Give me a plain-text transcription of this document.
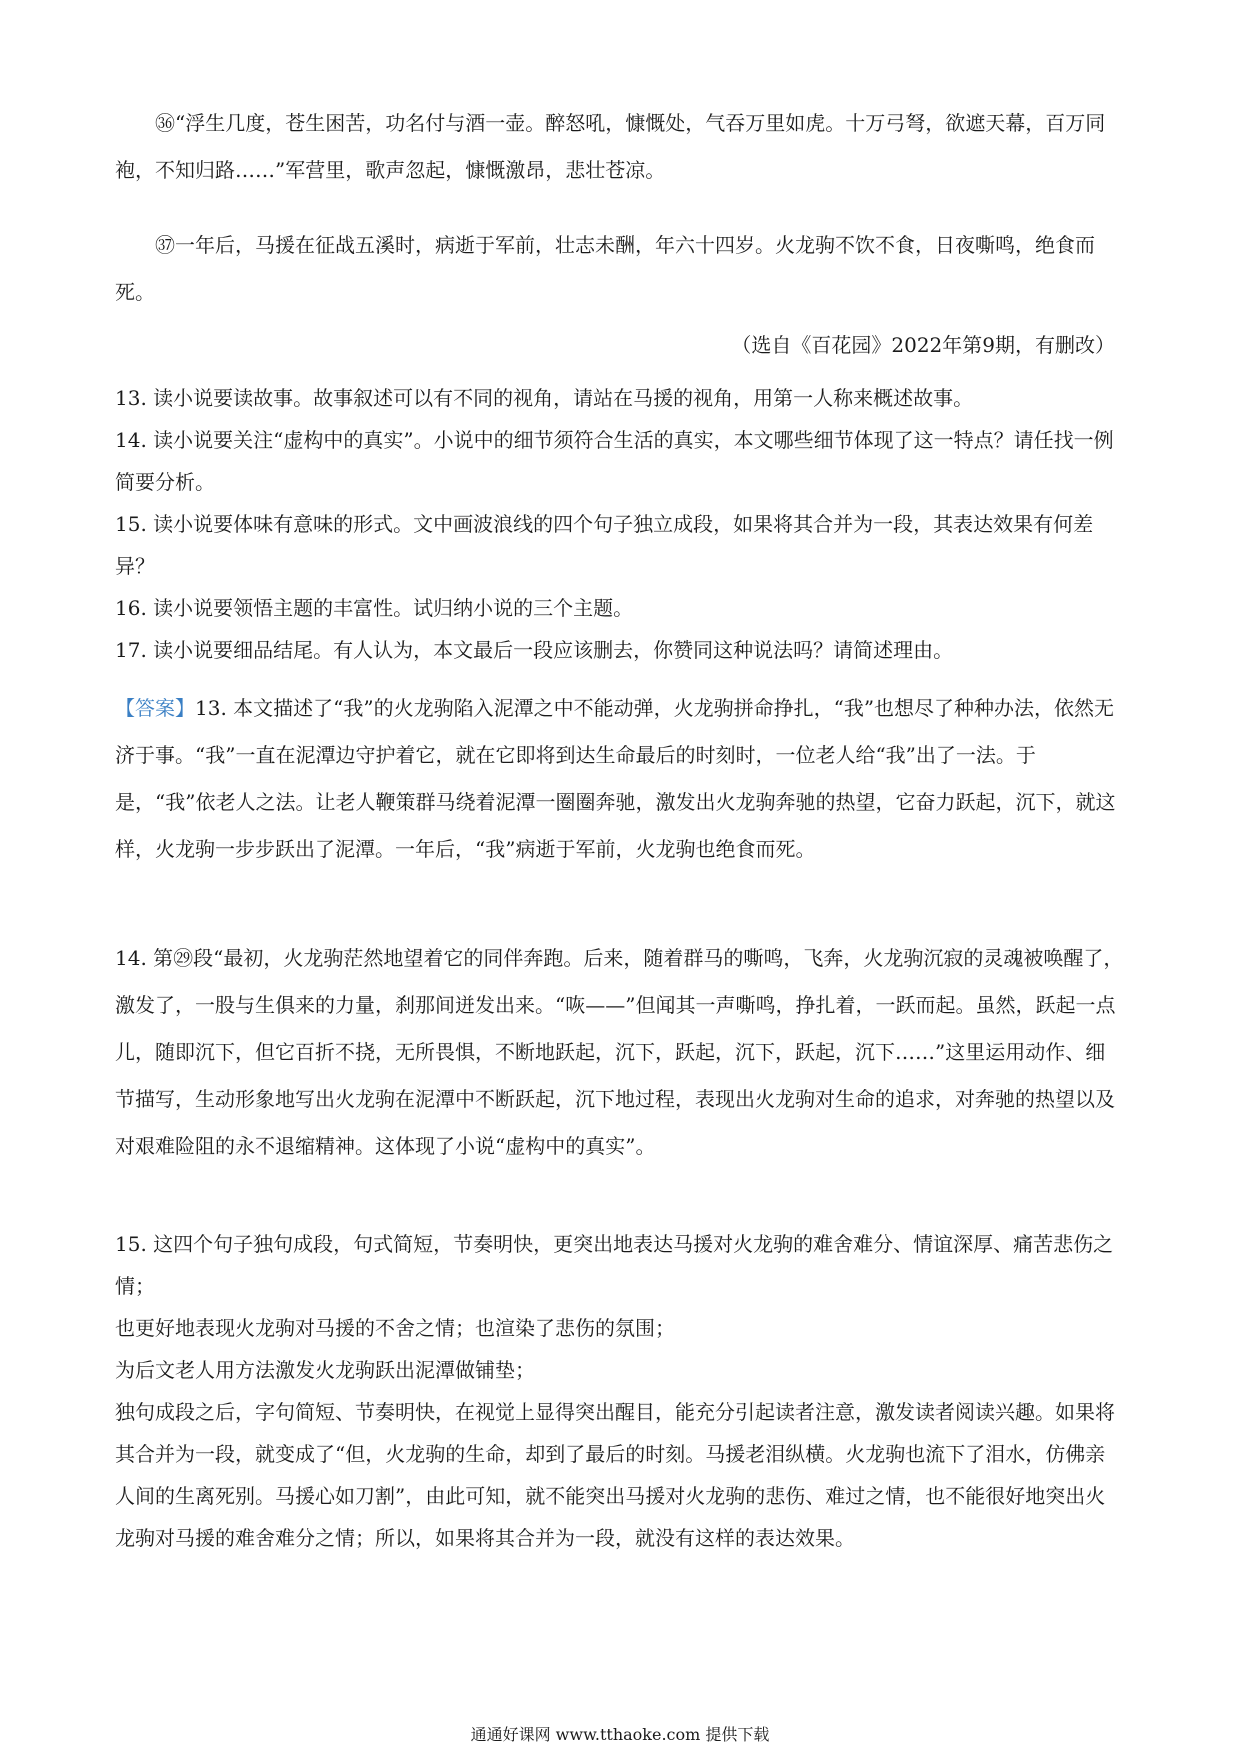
㊱“浮生几度，苍生困苦，功名付与酒一壶。醉怒吼，慷慨处，气吞万里如虎。十万弓弩，欲遮天幕，百万同袍，不知归路……”军营里，歌声忽起，慷慨激昂，悲壮苍凉。

㊲一年后，马援在征战五溪时，病逝于军前，壮志未酬，年六十四岁。火龙驹不饮不食，日夜嘶鸣，绝食而死。

（选自《百花园》2022年第9期，有删改）

13. 读小说要读故事。故事叙述可以有不同的视角，请站在马援的视角，用第一人称来概述故事。

14. 读小说要关注“虚构中的真实”。小说中的细节须符合生活的真实，本文哪些细节体现了这一特点？请任找一例简要分析。

15. 读小说要体味有意味的形式。文中画波浪线的四个句子独立成段，如果将其合并为一段，其表达效果有何差异？

16. 读小说要领悟主题的丰富性。试归纳小说的三个主题。

17. 读小说要细品结尾。有人认为，本文最后一段应该删去，你赞同这种说法吗？请简述理由。

【答案】13. 本文描述了“我”的火龙驹陷入泥潭之中不能动弹，火龙驹拼命挣扎，“我”也想尽了种种办法，依然无济于事。“我”一直在泥潭边守护着它，就在它即将到达生命最后的时刻时，一位老人给“我”出了一法。于是，“我”依老人之法。让老人鞭策群马绕着泥潭一圈圈奔驰，激发出火龙驹奔驰的热望，它奋力跃起，沉下，就这样，火龙驹一步步跃出了泥潭。一年后，“我”病逝于军前，火龙驹也绝食而死。

14. 第㉙段“最初，火龙驹茫然地望着它的同伴奔跑。后来，随着群马的嘶鸣，飞奔，火龙驹沉寂的灵魂被唤醒了，激发了，一股与生俱来的力量，刹那间迸发出来。“咴——”但闻其一声嘶鸣，挣扎着，一跃而起。虽然，跃起一点儿，随即沉下，但它百折不挠，无所畏惧，不断地跃起，沉下，跃起，沉下，跃起，沉下……”这里运用动作、细节描写，生动形象地写出火龙驹在泥潭中不断跃起，沉下地过程，表现出火龙驹对生命的追求，对奔驰的热望以及对艰难险阻的永不退缩精神。这体现了小说“虚构中的真实”。

15. 这四个句子独句成段，句式简短，节奏明快，更突出地表达马援对火龙驹的难舍难分、情谊深厚、痛苦悲伤之情；

也更好地表现火龙驹对马援的不舍之情；也渲染了悲伤的氛围；

为后文老人用方法激发火龙驹跃出泥潭做铺垫；

独句成段之后，字句简短、节奏明快，在视觉上显得突出醒目，能充分引起读者注意，激发读者阅读兴趣。如果将其合并为一段，就变成了“但，火龙驹的生命，却到了最后的时刻。马援老泪纵横。火龙驹也流下了泪水，仿佛亲人间的生离死别。马援心如刀割”，由此可知，就不能突出马援对火龙驹的悲伤、难过之情，也不能很好地突出火龙驹对马援的难舍难分之情；所以，如果将其合并为一段，就没有这样的表达效果。

通通好课网 www.tthaoke.com 提供下载
